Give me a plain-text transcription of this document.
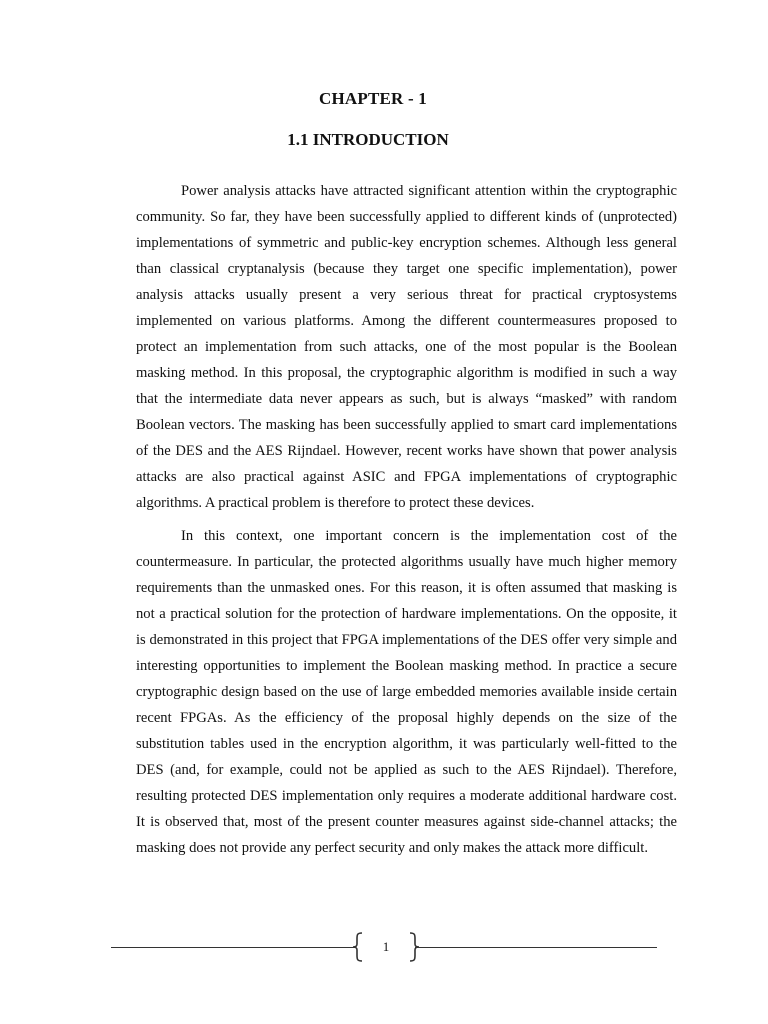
CHAPTER - 1
1.1 INTRODUCTION

Power analysis attacks have attracted significant attention within the cryptographic community. So far, they have been successfully applied to different kinds of (unprotected) implementations of symmetric and public-key encryption schemes. Although less general than classical cryptanalysis (because they target one specific implementation), power analysis attacks usually present a very serious threat for practical cryptosystems implemented on various platforms. Among the different countermeasures proposed to protect an implementation from such attacks, one of the most popular is the Boolean masking method. In this proposal, the cryptographic algorithm is modified in such a way that the intermediate data never appears as such, but is always “masked” with random Boolean vectors. The masking has been successfully applied to smart card implementations of the DES and the AES Rijndael. However, recent works have shown that power analysis attacks are also practical against ASIC and FPGA implementations of cryptographic algorithms. A practical problem is therefore to protect these devices.

In this context, one important concern is the implementation cost of the countermeasure. In particular, the protected algorithms usually have much higher memory requirements than the unmasked ones. For this reason, it is often assumed that masking is not a practical solution for the protection of hardware implementations. On the opposite, it is demonstrated in this project that FPGA implementations of the DES offer very simple and interesting opportunities to implement the Boolean masking method. In practice a secure cryptographic design based on the use of large embedded memories available inside certain recent FPGAs. As the efficiency of the proposal highly depends on the size of the substitution tables used in the encryption algorithm, it was particularly well-fitted to the DES (and, for example, could not be applied as such to the AES Rijndael). Therefore, resulting protected DES implementation only requires a moderate additional hardware cost. It is observed that, most of the present counter measures against side-channel attacks; the masking does not provide any perfect security and only makes the attack more difficult.

1
